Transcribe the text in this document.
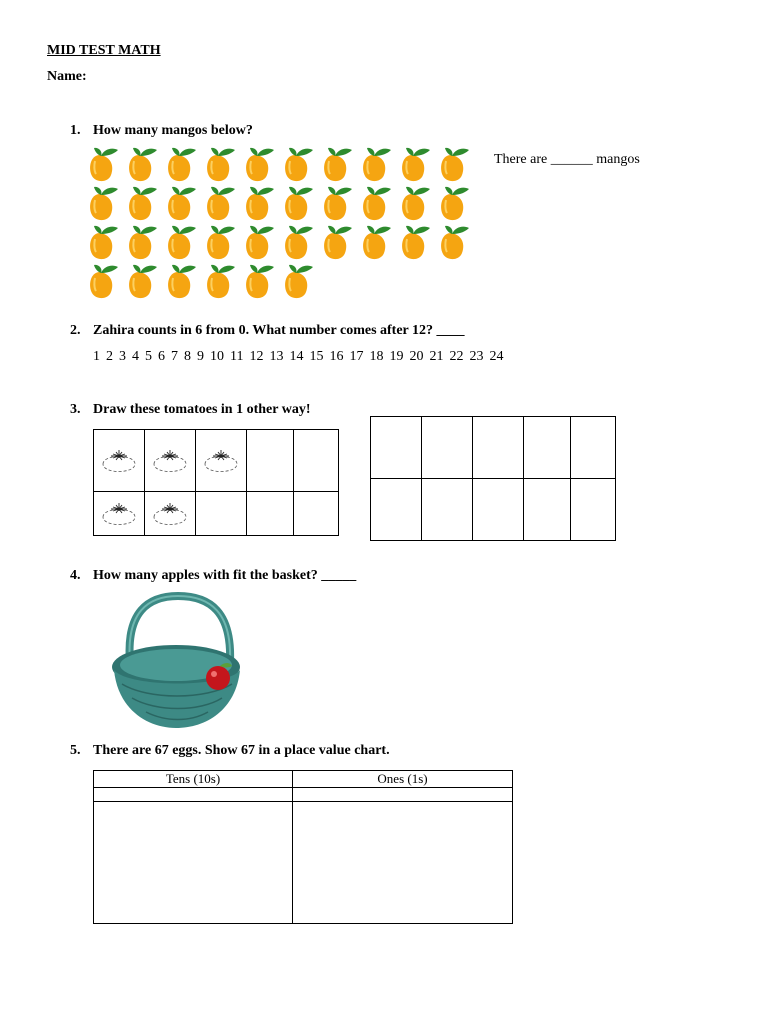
MID TEST MATH
Name:
1. How many mangos below?
There are ______ mangos
2. Zahira counts in 6 from 0. What number comes after 12? ____
1 2 3 4 5 6 7 8 9 10 11 12 13 14 15 16 17 18 19 20 21 22 23 24
3. Draw these tomatoes in 1 other way!

4. How many apples with fit the basket? _____
5. There are 67 eggs. Show 67 in a place value chart.
Tens (10s)	Ones (1s)
